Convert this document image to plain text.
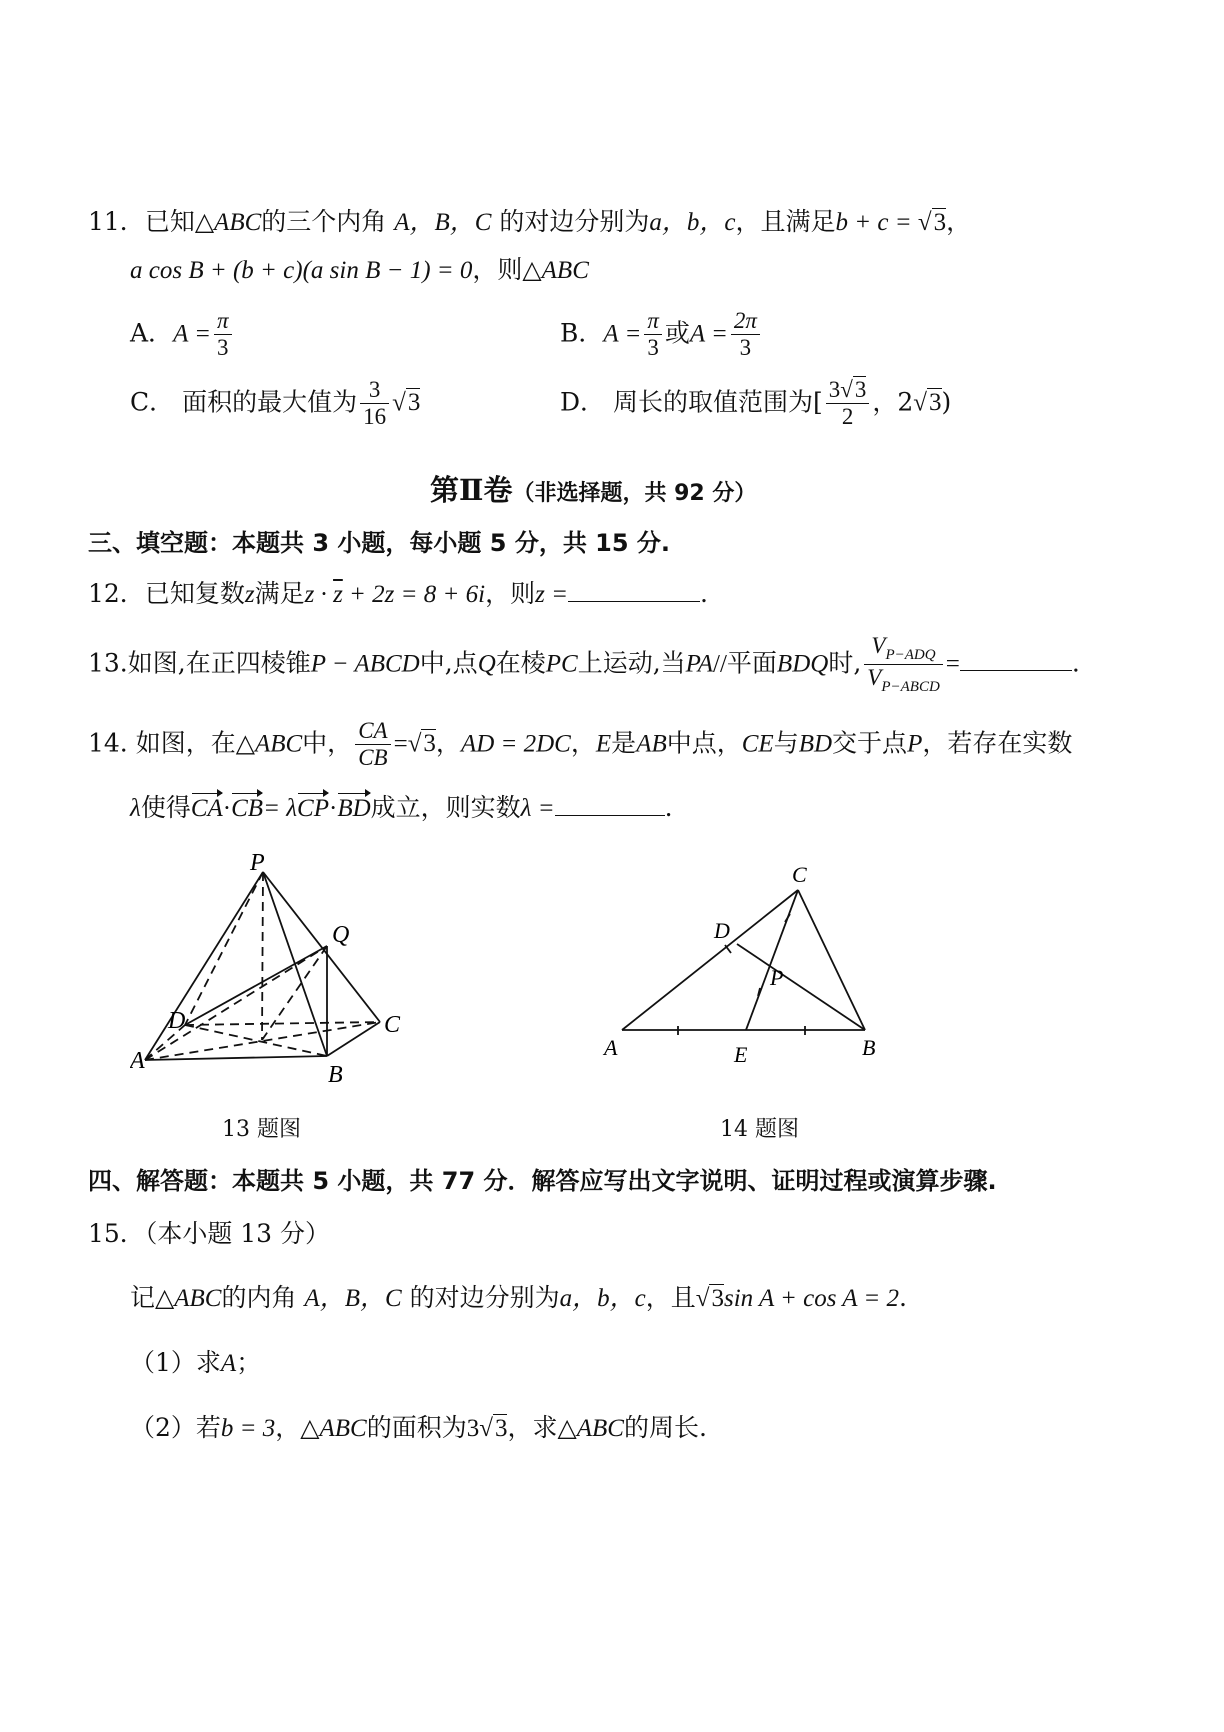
11．已知△ABC的三个内角 A，B，C 的对边分别为a，b，c，且满足b + c = √3，
a cos B + (b + c)(a sin B − 1) = 0，则△ABC
A．$A = \frac{\pi}{3}$	B．$A = \frac{\pi}{3}$ 或$A = \frac{2\pi}{3}$
C． 面积的最大值为 $\frac{3}{16} √3$	D． 周长的取值范围为[ $\frac{3√3}{2}$ ，2√3)
第Ⅱ卷（非选择题，共 92 分）
三、填空题：本题共 3 小题，每小题 5 分，共 15 分.
12．已知复数z满足$z \cdot \overline{z} + 2z = 8 + 6i$，则z =	.
13.如图,在正四棱锥P − ABCD中,点Q在棱PC上运动,当PA//平面BDQ时, $\frac{V_{P-ADQ}}{V_{P-ABCD}}$ =	.
14. 如图，在△ABC中， $\frac{CA}{CB} =√3$，AD = 2DC，E是AB中点，CE与BD交于点P，若存在实数
λ使得CA·CB= λCP·BD成立，则实数λ =	.
P
Q
D	C
A
B
13 题图
C
D
P
A	E	B
14 题图
四、解答题：本题共 5 小题，共 77 分．解答应写出文字说明、证明过程或演算步骤.
15．（本小题 13 分）
记△ABC的内角 A，B，C 的对边分别为a，b，c，且√3sin A + cos A = 2.
（1）求A；
（2）若b = 3，△ABC的面积为3√3，求△ABC的周长.
